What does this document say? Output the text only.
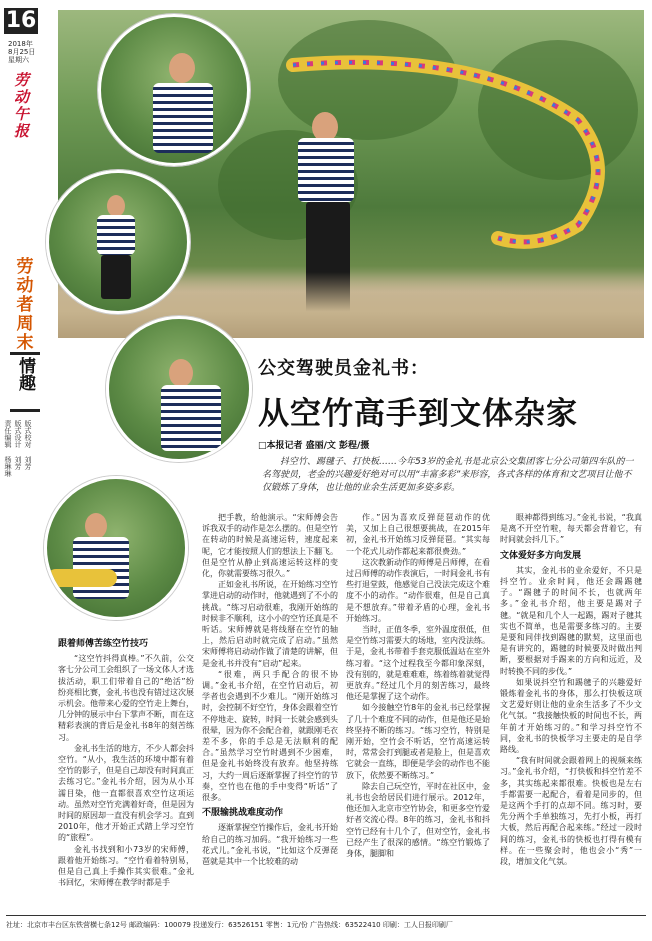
16
2018年
8月25日
星期六
劳动午报
劳动者周末
情趣
责任编辑
杨琳琳
版式设计
刘芳
版式校对
刘芳
公交驾驶员金礼书：
从空竹高手到文体杂家
□本报记者 盛丽/文 彭程/摄
抖空竹、踢毽子、打快板……今年53岁的金礼书是北京公交集团客七分公司第四车队的一名驾驶员，老金的兴趣爱好绝对可以用“丰富多彩”来形容，各式各样的体育和文艺项目让他不仅锻炼了身体，也让他的业余生活更加多姿多彩。
跟着师傅苦练空竹技巧

“这空竹抖得真棒。”不久前，公交客七分公司工会组织了一场文体人才选拔活动，职工们带着自己的“绝活”纷纷亮相比赛，金礼书也没有错过这次展示机会。他带来心爱的空竹走上舞台，几分钟的展示中台下掌声不断，而在这精彩表演的背后是金礼书8年的刻苦练习。

金礼书生活的地方，不少人都会抖空竹。“从小，我生活的环境中都有着空竹的影子，但是自己却没有时间真正去练习它。”金礼书介绍，因为从小耳濡目染，他一直都很喜欢空竹这项运动。虽然对空竹充满着好奇，但是因为时间的原因却一直没有机会学习。直到2010年，他才开始正式踏上学习空竹的“旅程”。

金礼书找到和小73岁的宋师傅，跟着他开始练习。“空竹看着特别易，但是自己真上手操作其实很难。”金礼书回忆，宋师傅在教学时都是手

把手教，给他演示。“宋师傅会告诉我双手的动作是怎么摆的。但是空竹在转动的时候是高速运转，速度起来呢，它才能按照人们的想法上下翻飞。但是空竹从静止到高速运转这样的变化，你就需要练习很久。”

正如金礼书所说，在开始练习空竹掌进启动的动作时，他就遇到了不小的挑战。“练习启动很难，我刚开始练的时候非不顺利，这小小的空竹还真是不听话。宋师傅就是将线掰在空竹的轴上，然后启动时就完成了启动。”虽然宋师傅将启动动作做了清楚的讲解，但是金礼书并没有“启动”起来。

“很难，两只手配合的很不协调。”金礼书介绍，在空竹启动后，初学者也会遇到不少难儿。“刚开始练习时，会控制不好空竹，身体会跟着空竹不停地走、旋转，时间一长就会感到头很晕，因为你不会配合着，就跟刚毛衣差不多，你的手总是无法顺利的配合。”虽然学习空竹时遇到不少困难，但是金礼书始终没有放弃。他坚持练习，大约一周后逐渐掌握了抖空竹的节奏，空竹也在他的手中变得“听话”了很多。

不服输挑战难度动作

逐渐掌握空竹操作后，金礼书开始给自己的练习加码。“我开始练习一些花式儿。”金礼书说，“比如这个反弹琵琶就是其中一个比较难的动

作。”因为喜欢反弹琵琶动作的优美，又加上自己很想要挑战，在2015年初，金礼书开始练习反弹琵琶。“其实每一个花式儿动作都起来都很费劲。”

这次教新动作的师傅是吕师傅，在看过吕师傅的动作表演后，一时间金礼书有些打退堂鼓，他感觉自己没法完成这个难度不小的动作。“动作很难，但是自己真是不想放弃。”带着矛盾的心理，金礼书开始练习。

当时，正值冬季，室外温度很低，但是空竹练习需要大的场地，室内没法练。于是，金礼书带着手套克服低温站在室外练习着。“这个过程我至今都印象深刻，没有别的，就是难难难，练着练着就觉得更放弃。”经过几个月的刻苦练习，最终他还是掌握了这个动作。

如今接触空竹8年的金礼书已经掌握了几十个难度不同的动作，但是他还是始终坚持不断的练习。“练习空竹，特别是刚开始，空竹会不听话，空竹高速运转时，常常会打到腿或者是脸上，但是喜欢它就会一直练，即便是学会的动作也不能放下，依然要不断练习。”

除去自己玩空竹，平时在社区中，金礼书也会给居民们进行展示。2012年，他还加入北京市空竹协会，和更多空竹爱好者交流心得。8年的练习，金礼书和抖空竹已经有十几个了，但对空竹，金礼书已经产生了很深的感情。“练空竹锻炼了身体，腿脚和

眼神都得到练习。”金礼书说，“我真是离不开空竹啦，每天都会背着它，有时间就会抖几下。”

文体爱好多方向发展

其实，金礼书的业余爱好，不只是抖空竹。业余时间，他还会踢踢毽子。“踢毽子的时间不长，也就两年多。”金礼书介绍，他主要是踢对子毽。“就是和几个人一起踢，踢对子毽其实也不简单，也是需要多练习的。主要是要和同伴找到踢毽的默契，这里面也是有讲究的，踢毽的时候要及时做出判断，要根据对手踢来的方向和远近，及时转换不同的步伐。”

如果说抖空竹和踢毽子的兴趣爱好锻炼着金礼书的身体，那么打快板这项文艺爱好则让他的业余生活多了不少文化气氛。“我接触快板的时间也不长，两年前才开始练习的。”和学习抖空竹不同，金礼书的快板学习主要走的是自学路线。

“我有时间就会跟着网上的视频来练习。”金礼书介绍，“打快板和抖空竹差不多，其实练起来都很难。快板也是左右手都需要一起配合，看着是同步的，但是这两个手打的点却不同。练习时，要先分两个手单独练习，先打小板，再打大板，然后再配合起来练。”经过一段时间的练习，金礼书的快板也打得有模有样。在一些聚会时，他也会小“秀”一段，增加文化气氛。

社址：北京市丰台区东铁营横七条12号 邮政编码：100079 投递发行：63526151 零售：1元/份 广告热线：63522410 印刷：工人日报印刷厂
